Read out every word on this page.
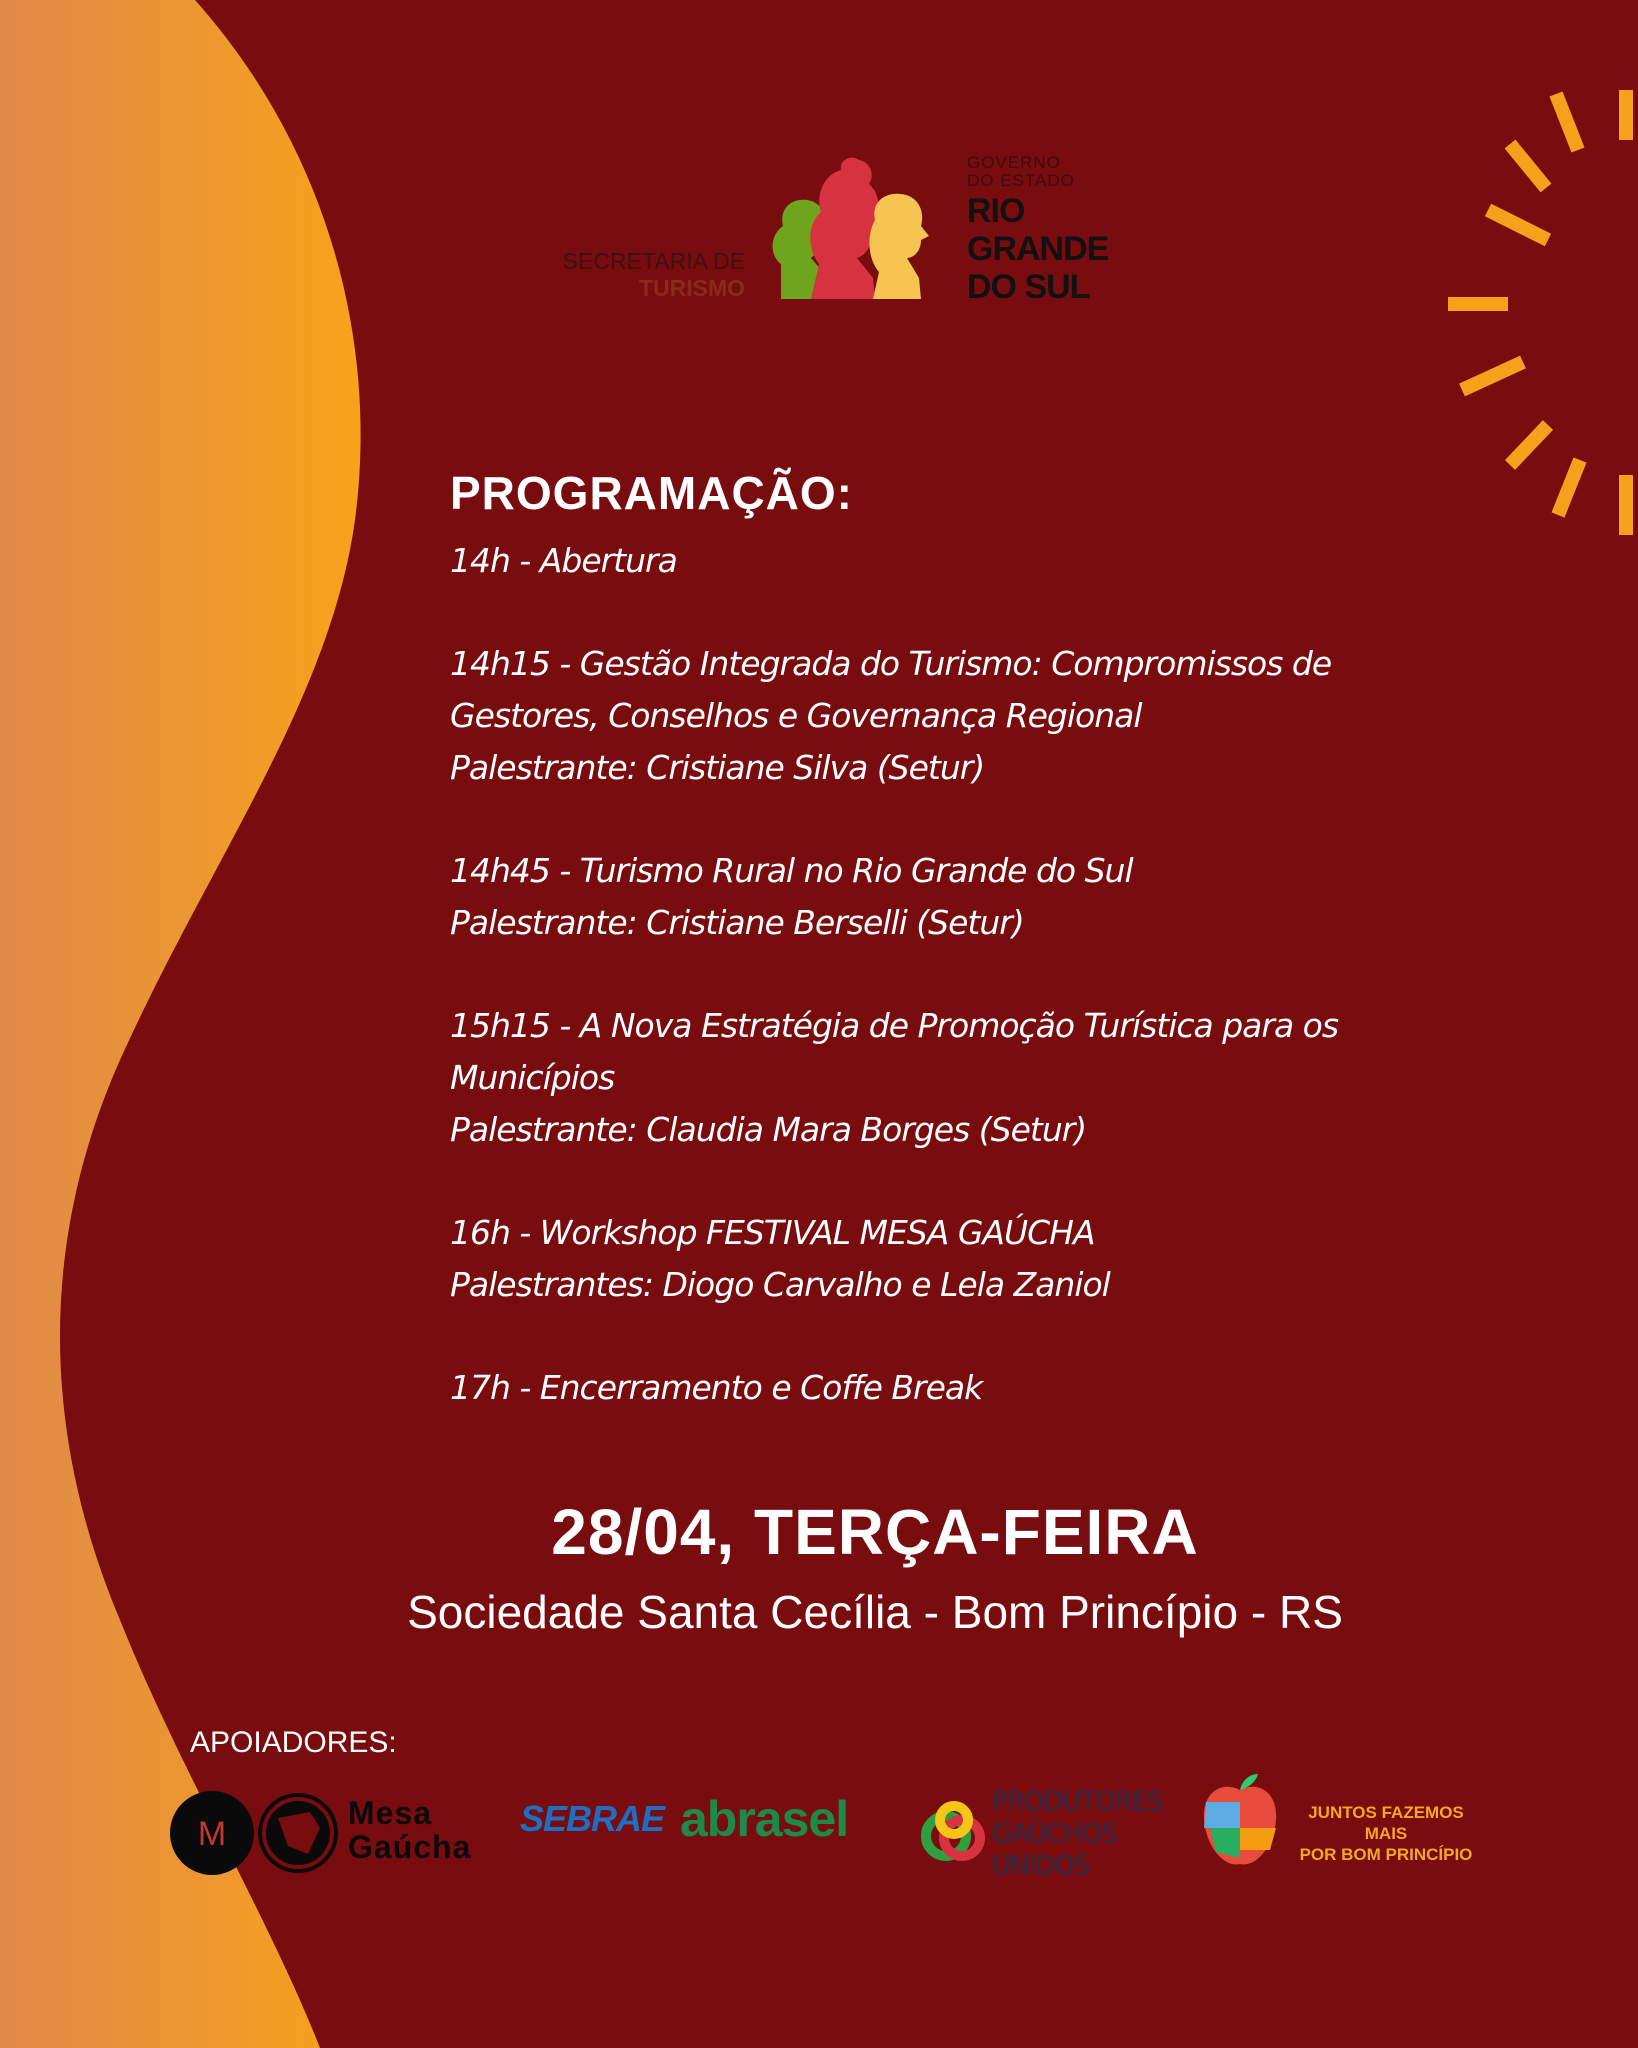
SECRETARIA DE
TURISMO
GOVERNO
DO ESTADO
RIO
GRANDE
DO SUL
PROGRAMAÇÃO:
14h - Abertura
14h15 - Gestão Integrada do Turismo: Compromissos de
Gestores, Conselhos e Governança Regional
Palestrante: Cristiane Silva (Setur)
14h45 - Turismo Rural no Rio Grande do Sul
Palestrante: Cristiane Berselli (Setur)
15h15 - A Nova Estratégia de Promoção Turística para os
Municípios
Palestrante: Claudia Mara Borges (Setur)
16h - Workshop FESTIVAL MESA GAÚCHA
Palestrantes: Diogo Carvalho e Lela Zaniol
17h - Encerramento e Coffe Break
28/04, TERÇA-FEIRA
Sociedade Santa Cecília - Bom Princípio - RS
APOIADORES:
M
Mesa
Gaúcha
SEBRAE abrasel	PRODUTORES
GAÚCHOS UNIDOS
JUNTOS FAZEMOS MAIS
POR BOM PRINCÍPIO
